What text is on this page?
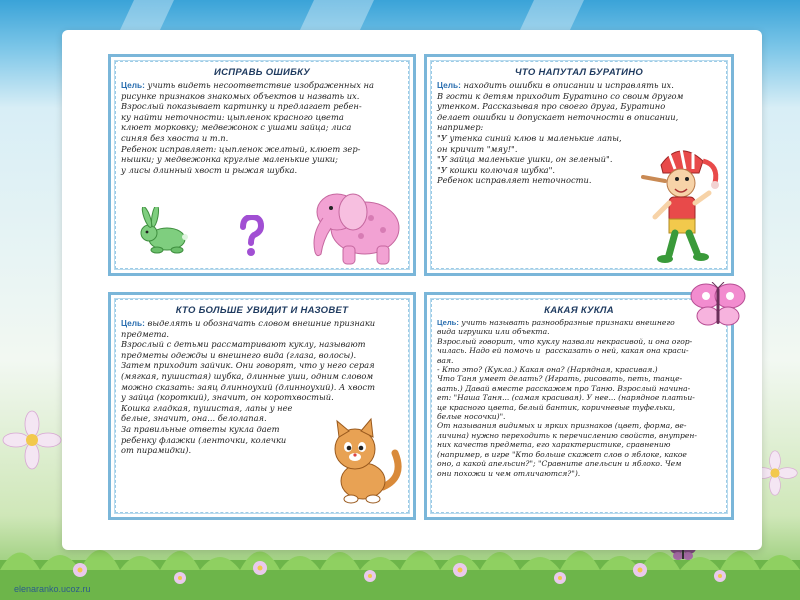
elenaranko.ucoz.ru
ИСПРАВЬ ОШИБКУ
Цель: учить видеть несоответствие изображенных на
рисунке признаков знакомых объектов и назвать их.
Взрослый показывает картинку и предлагает ребен-
ку найти неточности: цыпленок красного цвета
клюет морковку; медвежонок с ушами зайца; лиса
синяя без хвоста и т.п.
Ребенок исправляет: цыпленок желтый, клюет зер-
нышки; у медвежонка круглые маленькие ушки;
у лисы длинный хвост и рыжая шубка.
ЧТО НАПУТАЛ БУРАТИНО
Цель: находить ошибки в описании и исправлять их.
В гости к детям приходит Буратино со своим другом
утенком. Рассказывая про своего друга, Буратино
делает ошибки и допускает неточности в описании,
например:
"У утенка синий клюв и маленькие лапы,
он кричит "мяу!".
"У зайца маленькие ушки, он зеленый".
"У кошки колючая шубка".
Ребенок исправляет неточности.
КТО БОЛЬШЕ УВИДИТ И НАЗОВЕТ
Цель: выделять и обозначать словом внешние признаки
предмета.
Взрослый с детьми рассматривают куклу, называют
предметы одежды и внешнего вида (глаза, волосы).
Затем приходит зайчик. Они говорят, что у него серая
(мягкая, пушистая) шубка, длинные уши, одним словом
можно сказать: заяц длинноухий (длинноухий). А хвост
у зайца (короткий), значит, он коротхвостый.
Кошка гладкая, пушистая, лапы у нее
белые, значит, она... белолапая.
За правильные ответы кукла дает
ребенку флажки (ленточки, колечки
от пирамидки).
КАКАЯ КУКЛА
Цель: учить называть разнообразные признаки внешнего
вида игрушки или объекта.
Взрослый говорит, что куклу назвали некрасивой, и она огор-
чилась. Надо ей помочь и  рассказать о ней, какая она краси-
вая.
- Кто это? (Кукла.) Какая она? (Нарядная, красивая.)
Что Таня умеет делать? (Играть, рисовать, петь, танце-
вать.) Давай вместе расскажем про Таню. Взрослый начина-
ет: "Наша Таня... (самая красивая). У нее... (нарядное платьи-
це красного цвета, белый бантик, коричневые туфельки,
белые носочки)".
От называния видимых и ярких признаков (цвет, форма, ве-
личина) нужно переходить к перечислению свойств, внутрен-
них качеств предмета, его характеристике, сравнению
(например, в игре "Кто больше скажет слов о яблоке, какое
оно, а какой апельсин?"; "Сравните апельсин и яблоко. Чем
они похожи и чем отличаются?").
